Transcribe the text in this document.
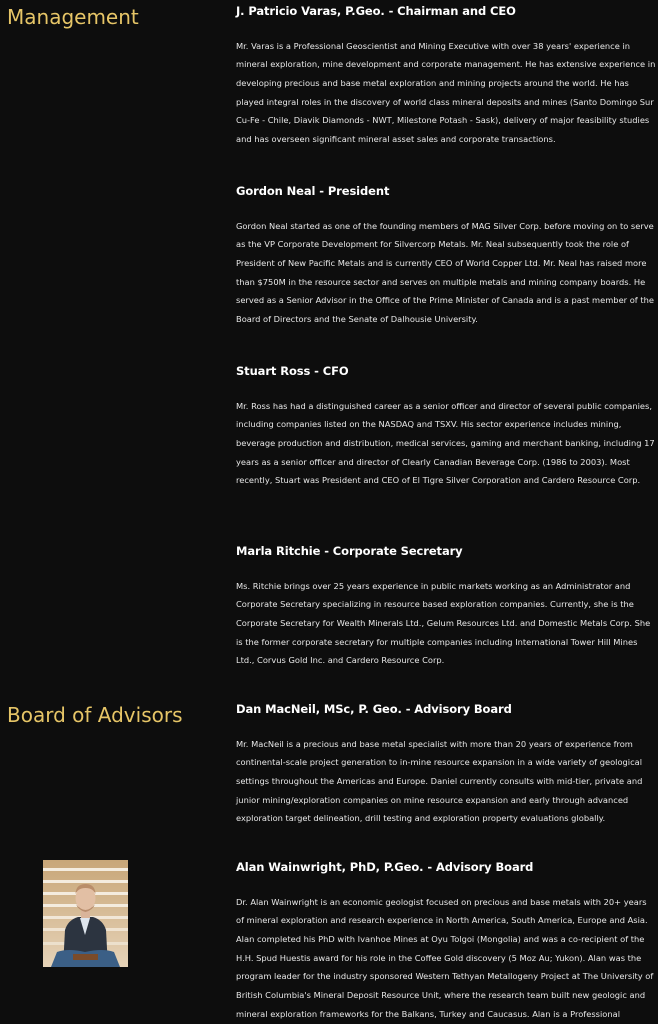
Management
Board of Advisors
J. Patricio Varas, P.Geo. - Chairman and CEO

Mr. Varas is a Professional Geoscientist and Mining Executive with over 38 years' experience in mineral exploration, mine development and corporate management. He has extensive experience in developing precious and base metal exploration and mining projects around the world. He has played integral roles in the discovery of world class mineral deposits and mines (Santo Domingo Sur Cu-Fe - Chile, Diavik Diamonds - NWT, Milestone Potash - Sask), delivery of major feasibility studies and has overseen significant mineral asset sales and corporate transactions.

Gordon Neal - President

Gordon Neal started as one of the founding members of MAG Silver Corp. before moving on to serve as the VP Corporate Development for Silvercorp Metals. Mr. Neal subsequently took the role of President of New Pacific Metals and is currently CEO of World Copper Ltd. Mr. Neal has raised more than $750M in the resource sector and serves on multiple metals and mining company boards. He served as a Senior Advisor in the Office of the Prime Minister of Canada and is a past member of the Board of Directors and the Senate of Dalhousie University.

Stuart Ross - CFO

Mr. Ross has had a distinguished career as a senior officer and director of several public companies, including companies listed on the NASDAQ and TSXV. His sector experience includes mining, beverage production and distribution, medical services, gaming and merchant banking, including 17 years as a senior officer and director of Clearly Canadian Beverage Corp. (1986 to 2003). Most recently, Stuart was President and CEO of El Tigre Silver Corporation and Cardero Resource Corp.

Marla Ritchie - Corporate Secretary

Ms. Ritchie brings over 25 years experience in public markets working as an Administrator and Corporate Secretary specializing in resource based exploration companies. Currently, she is the Corporate Secretary for Wealth Minerals Ltd., Gelum Resources Ltd. and Domestic Metals Corp. She is the former corporate secretary for multiple companies including International Tower Hill Mines Ltd., Corvus Gold Inc. and Cardero Resource Corp.

Dan MacNeil, MSc, P. Geo. - Advisory Board

Mr. MacNeil is a precious and base metal specialist with more than 20 years of experience from continental-scale project generation to in-mine resource expansion in a wide variety of geological settings throughout the Americas and Europe. Daniel currently consults with mid-tier, private and junior mining/exploration companies on mine resource expansion and early through advanced exploration target delineation, drill testing and exploration property evaluations globally.

Alan Wainwright, PhD, P.Geo. - Advisory Board

Dr. Alan Wainwright is an economic geologist focused on precious and base metals with 20+ years of mineral exploration and research experience in North America, South America, Europe and Asia. Alan completed his PhD with Ivanhoe Mines at Oyu Tolgoi (Mongolia) and was a co-recipient of the H.H. Spud Huestis award for his role in the Coffee Gold discovery (5 Moz Au; Yukon). Alan was the program leader for the industry sponsored Western Tethyan Metallogeny Project at The University of British Columbia's Mineral Deposit Resource Unit, where the research team built new geologic and mineral exploration frameworks for the Balkans, Turkey and Caucasus. Alan is a Professional
